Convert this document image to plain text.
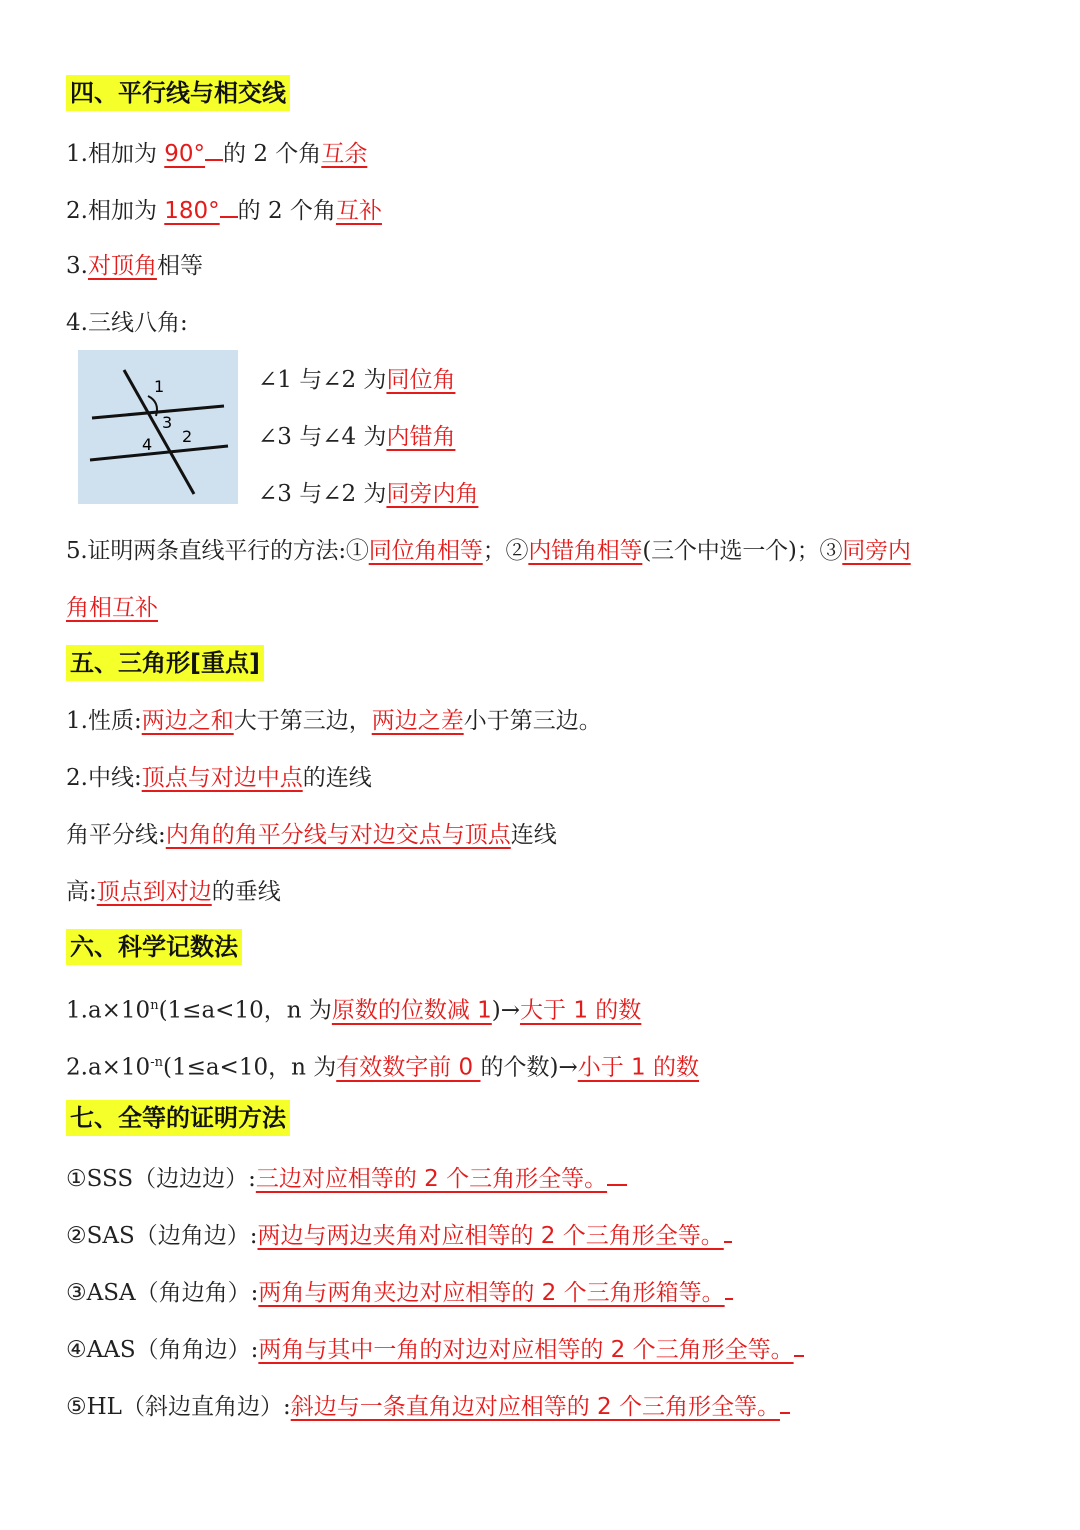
四、平行线与相交线
1.相加为 90° 的 2 个角互余
2.相加为 180° 的 2 个角互补
3.对顶角相等
4.三线八角:
1
2
3
4
∠1 与∠2 为同位角
∠3 与∠4 为内错角
∠3 与∠2 为同旁内角
5.证明两条直线平行的方法:①同位角相等；②内错角相等(三个中选一个)；③同旁内
角相互补
五、三角形[重点]
1.性质:两边之和大于第三边，两边之差小于第三边。
2.中线:顶点与对边中点的连线
角平分线:内角的角平分线与对边交点与顶点连线
高:顶点到对边的垂线
六、科学记数法
$1.a\times 10^n(1\le a<10$，n 为原数的位数减 1)→大于 1 的数
$2.a\times 10^{-n}(1\le a<10$，n 为有效数字前 0 的个数)→小于 1 的数
七、全等的证明方法
①SSS（边边边）:三边对应相等的 2 个三角形全等。
②SAS（边角边）:两边与两边夹角对应相等的 2 个三角形全等。
③ASA（角边角）:两角与两角夹边对应相等的 2 个三角形箱等。
④AAS（角角边）:两角与其中一角的对边对应相等的 2 个三角形全等。
⑤HL（斜边直角边）:斜边与一条直角边对应相等的 2 个三角形全等。
